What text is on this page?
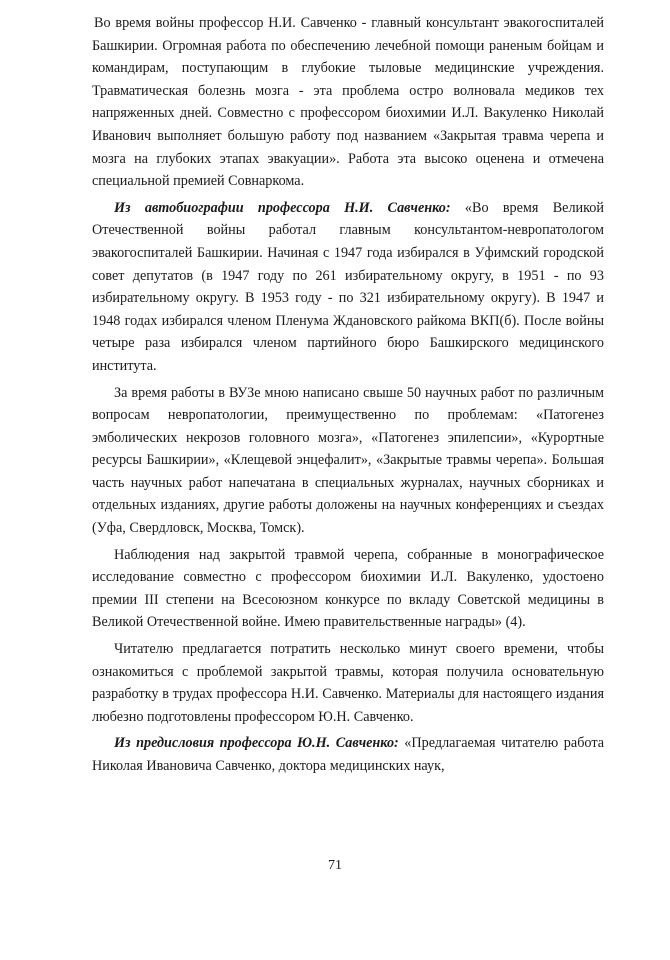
Во время войны профессор Н.И. Савченко - главный консультант эвакогоспиталей Башкирии. Огромная работа по обеспечению лечебной помощи раненым бойцам и командирам, поступающим в глубокие тыловые медицинские учреждения. Травматическая болезнь мозга - эта проблема остро волновала медиков тех напряженных дней. Совместно с профессором биохимии И.Л. Вакуленко Николай Иванович выполняет большую работу под названием «Закрытая травма черепа и мозга на глубоких этапах эвакуации». Работа эта высоко оценена и отмечена специальной премией Совнаркома.

Из автобиографии профессора Н.И. Савченко: «Во время Великой Отечественной войны работал главным консультантом-невропатологом эвакогоспиталей Башкирии. Начиная с 1947 года избирался в Уфимский городской совет депутатов (в 1947 году по 261 избирательному округу, в 1951 - по 93 избирательному округу. В 1953 году - по 321 избирательному округу). В 1947 и 1948 годах избирался членом Пленума Ждановского райкома ВКП(б). После войны четыре раза избирался членом партийного бюро Башкирского медицинского института.

За время работы в ВУЗе мною написано свыше 50 научных работ по различным вопросам невропатологии, преимущественно по проблемам: «Патогенез эмболических некрозов головного мозга», «Патогенез эпилепсии», «Курортные ресурсы Башкирии», «Клещевой энцефалит», «Закрытые травмы черепа». Большая часть научных работ напечатана в специальных журналах, научных сборниках и отдельных изданиях, другие работы доложены на научных конференциях и съездах (Уфа, Свердловск, Москва, Томск).

Наблюдения над закрытой травмой черепа, собранные в монографическое исследование совместно с профессором биохимии И.Л. Вакуленко, удостоено премии III степени на Всесоюзном конкурсе по вкладу Советской медицины в Великой Отечественной войне. Имею правительственные награды» (4).

Читателю предлагается потратить несколько минут своего времени, чтобы ознакомиться с проблемой закрытой травмы, которая получила основательную разработку в трудах профессора Н.И. Савченко. Материалы для настоящего издания любезно подготовлены профессором Ю.Н. Савченко.

Из предисловия профессора Ю.Н. Савченко: «Предлагаемая читателю работа Николая Ивановича Савченко, доктора медицинских наук,

71
